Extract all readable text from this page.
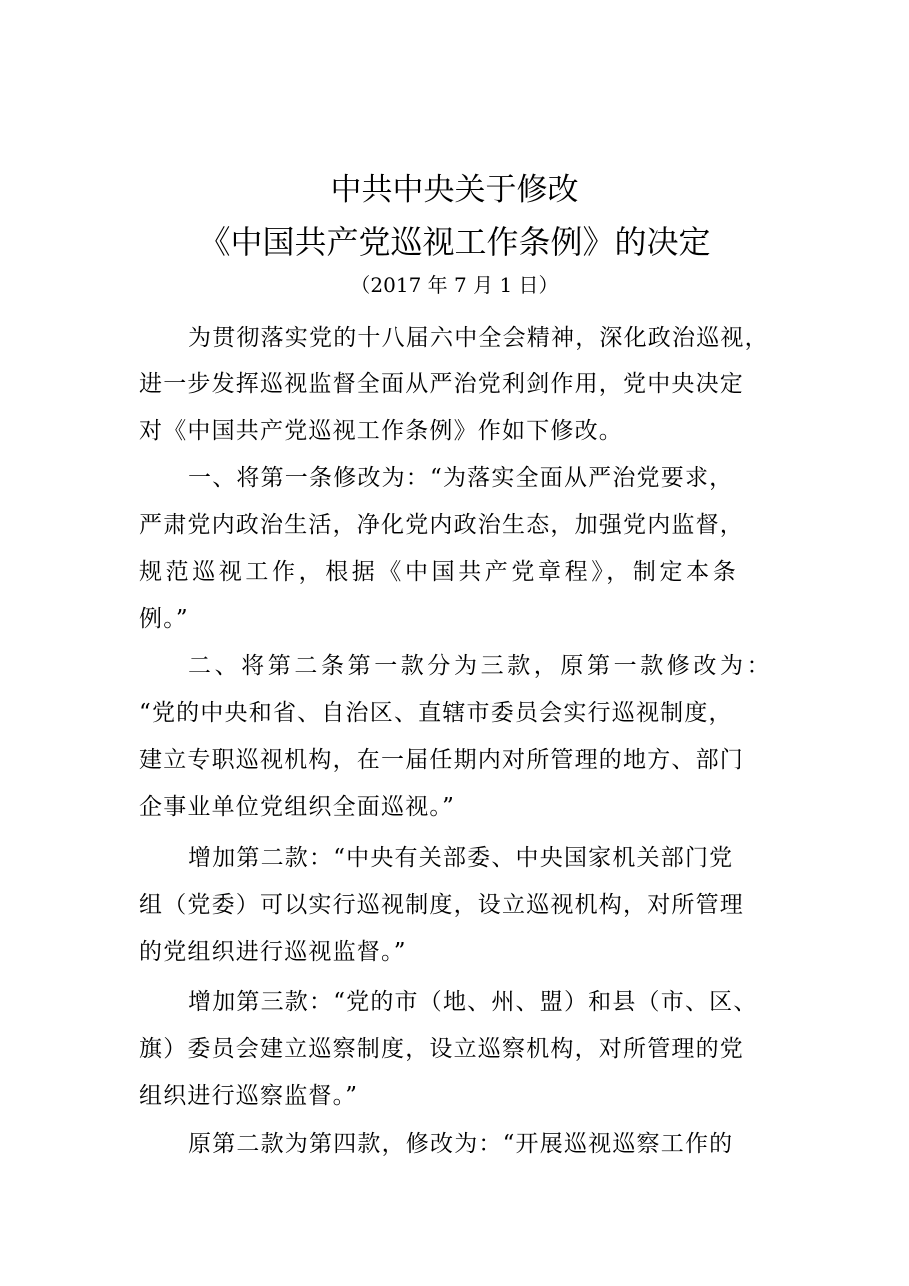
中共中央关于修改
《中国共产党巡视工作条例》的决定
（2017 年 7 月 1 日）
为贯彻落实党的十八届六中全会精神，深化政治巡视，
进一步发挥巡视监督全面从严治党利剑作用，党中央决定
对《中国共产党巡视工作条例》作如下修改。
一、将第一条修改为：“为落实全面从严治党要求，
严肃党内政治生活，净化党内政治生态，加强党内监督，
规范巡视工作，根据《中国共产党章程》，制定本条
例。”
二、将第二条第一款分为三款，原第一款修改为：
“党的中央和省、自治区、直辖市委员会实行巡视制度，
建立专职巡视机构，在一届任期内对所管理的地方、部门
企事业单位党组织全面巡视。”
增加第二款：“中央有关部委、中央国家机关部门党
组（党委）可以实行巡视制度，设立巡视机构，对所管理
的党组织进行巡视监督。”
增加第三款：“党的市（地、州、盟）和县（市、区、
旗）委员会建立巡察制度，设立巡察机构，对所管理的党
组织进行巡察监督。”
原第二款为第四款，修改为：“开展巡视巡察工作的
